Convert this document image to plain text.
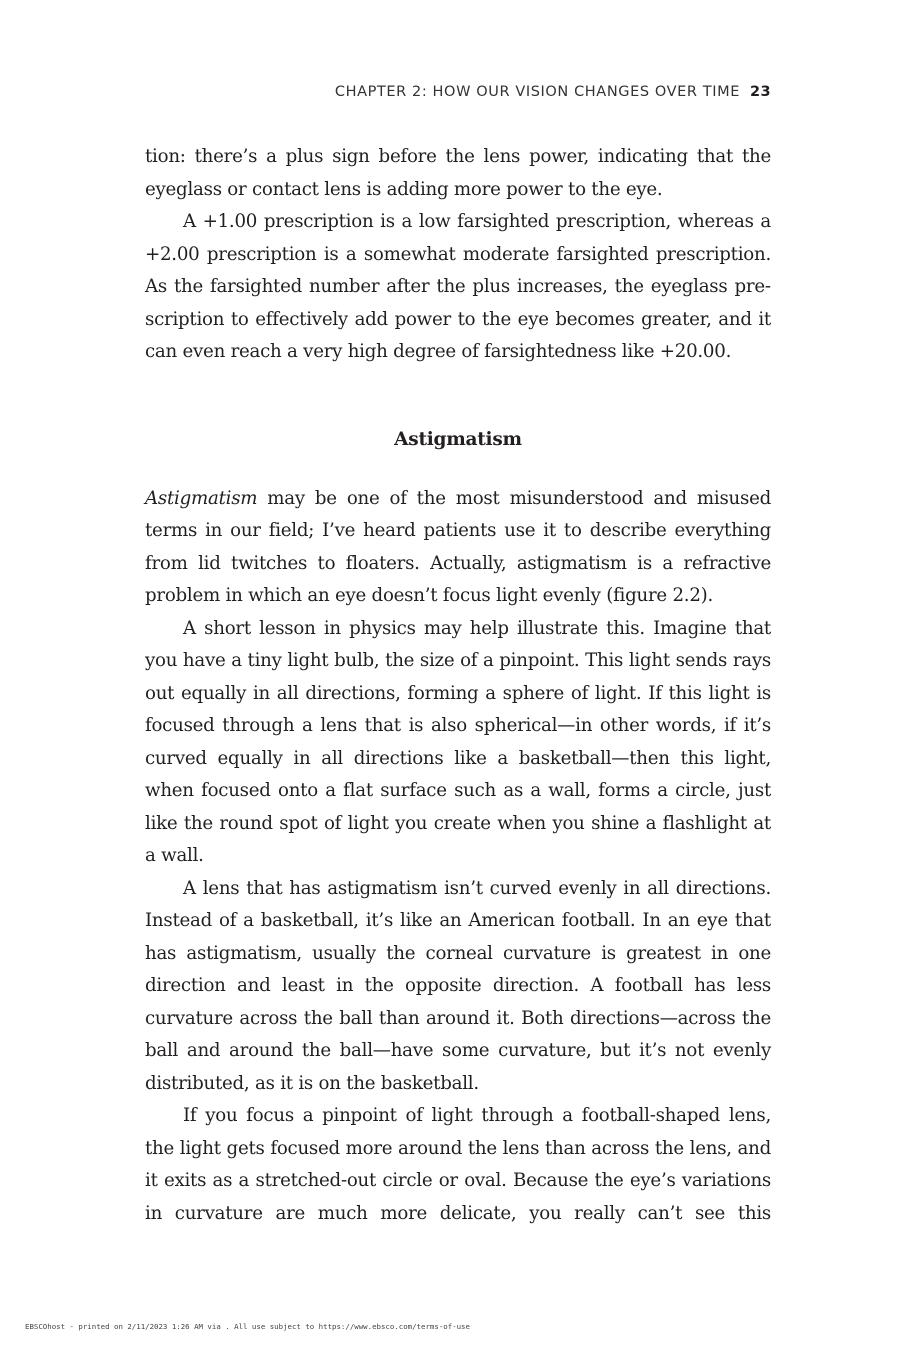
CHAPTER 2: HOW OUR VISION CHANGES OVER TIME 23

tion: there’s a plus sign before the lens power, indicating that the eyeglass or contact lens is adding more power to the eye.

A +1.00 prescription is a low farsighted prescription, whereas a +2.00 prescription is a somewhat moderate farsighted prescription. As the farsighted number after the plus increases, the eyeglass prescription to effectively add power to the eye becomes greater, and it can even reach a very high degree of farsightedness like +20.00.

Astigmatism

Astigmatism may be one of the most misunderstood and misused terms in our field; I’ve heard patients use it to describe everything from lid twitches to floaters. Actually, astigmatism is a refractive problem in which an eye doesn’t focus light evenly (figure 2.2).

A short lesson in physics may help illustrate this. Imagine that you have a tiny light bulb, the size of a pinpoint. This light sends rays out equally in all directions, forming a sphere of light. If this light is focused through a lens that is also spherical—in other words, if it’s curved equally in all directions like a basketball—then this light, when focused onto a flat surface such as a wall, forms a circle, just like the round spot of light you create when you shine a flashlight at a wall.

A lens that has astigmatism isn’t curved evenly in all directions. Instead of a basketball, it’s like an American football. In an eye that has astigmatism, usually the corneal curvature is greatest in one direction and least in the opposite direction. A football has less curvature across the ball than around it. Both directions—across the ball and around the ball—have some curvature, but it’s not evenly distributed, as it is on the basketball.

If you focus a pinpoint of light through a football-shaped lens, the light gets focused more around the lens than across the lens, and it exits as a stretched-out circle or oval. Because the eye’s variations in curvature are much more delicate, you really can’t see this

EBSCOhost - printed on 2/11/2023 1:26 AM via . All use subject to https://www.ebsco.com/terms-of-use
